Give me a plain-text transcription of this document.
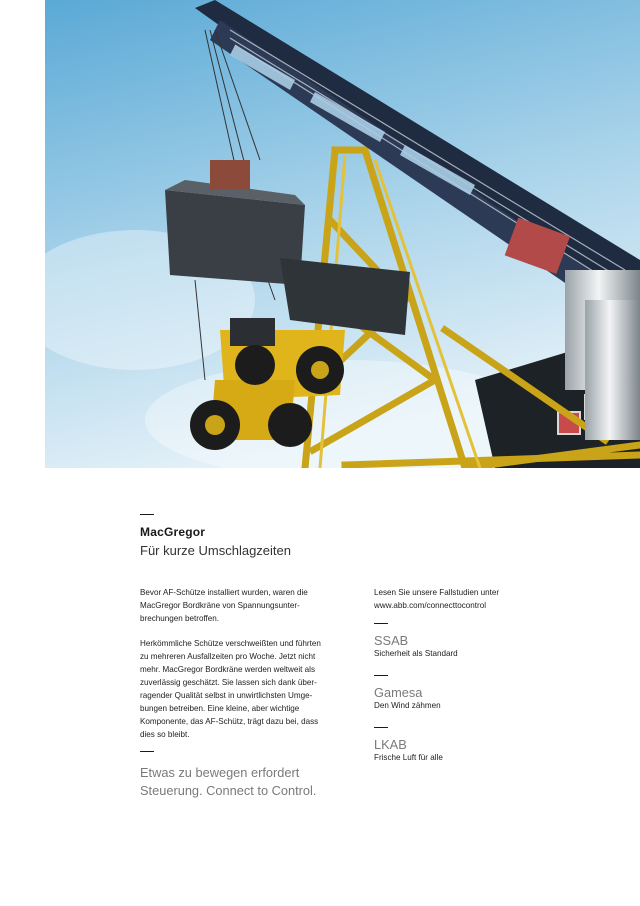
MacGregor
Für kurze Umschlagzeiten
Bevor AF-Schütze installiert wurden, waren die
MacGregor Bordkräne von Spannungsunter-
brechungen betroffen.
Herkömmliche Schütze verschweißten und führten
zu mehreren Ausfallzeiten pro Woche. Jetzt nicht
mehr. MacGregor Bordkräne werden weltweit als
zuverlässig geschätzt. Sie lassen sich dank über-
ragender Qualität selbst in unwirtlichsten Umge-
bungen betreiben. Eine kleine, aber wichtige
Komponente, das AF-Schütz, trägt dazu bei, dass
dies so bleibt.
Etwas zu bewegen erfordert
Steuerung. Connect to Control.
Lesen Sie unsere Fallstudien unter
www.abb.com/connecttocontrol
SSAB
Sicherheit als Standard
Gamesa
Den Wind zähmen
LKAB
Frische Luft für alle
